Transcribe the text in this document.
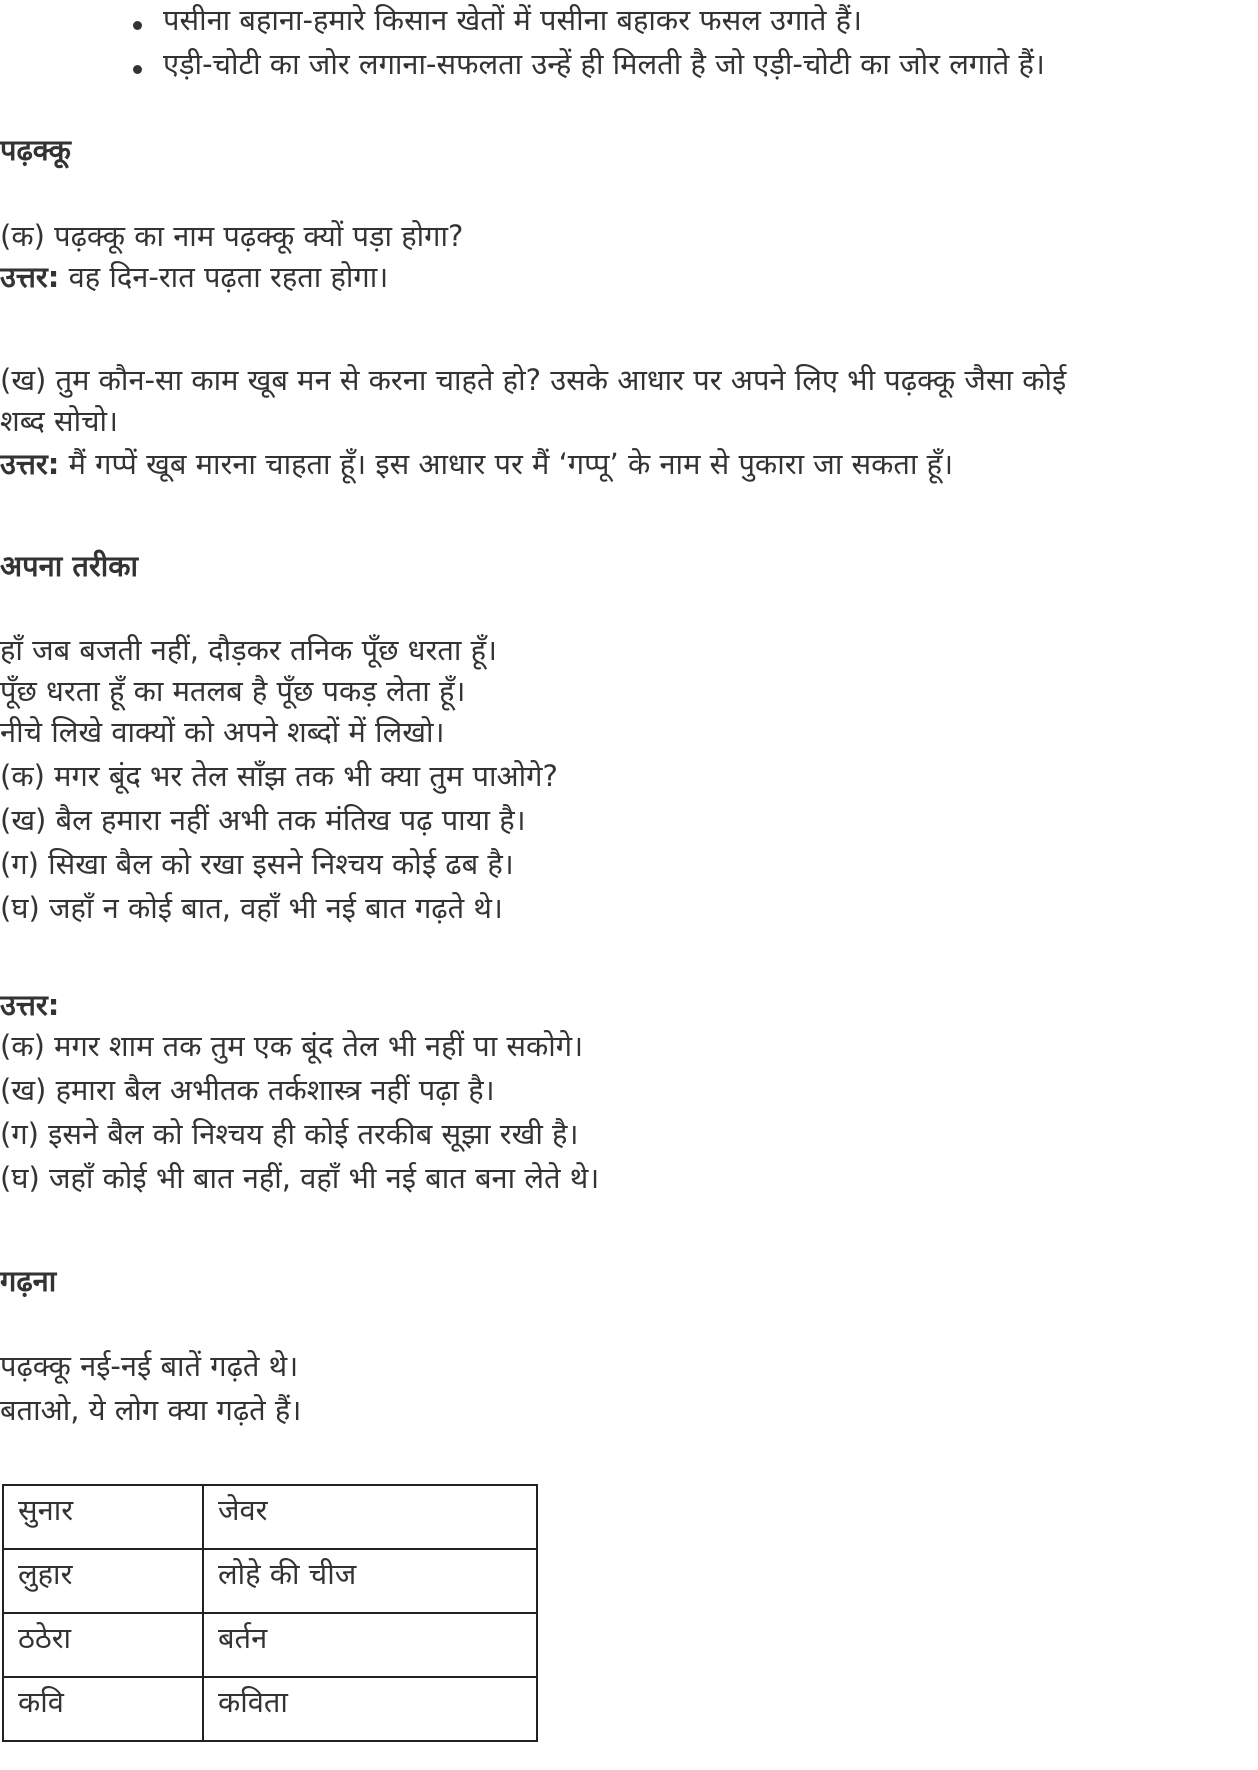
पसीना बहाना-हमारे किसान खेतों में पसीना बहाकर फसल उगाते हैं।
एड़ी-चोटी का जोर लगाना-सफलता उन्हें ही मिलती है जो एड़ी-चोटी का जोर लगाते हैं।
पढ़क्कू
(क) पढ़क्कू का नाम पढ़क्कू क्यों पड़ा होगा?
उत्तर: वह दिन-रात पढ़ता रहता होगा।
(ख) तुम कौन-सा काम खूब मन से करना चाहते हो? उसके आधार पर अपने लिए भी पढ़क्कू जैसा कोई
शब्द सोचो।
उत्तर: मैं गप्पें खूब मारना चाहता हूँ। इस आधार पर मैं ‘गप्पू’ के नाम से पुकारा जा सकता हूँ।
अपना तरीका
हाँ जब बजती नहीं, दौड़कर तनिक पूँछ धरता हूँ।
पूँछ धरता हूँ का मतलब है पूँछ पकड़ लेता हूँ।
नीचे लिखे वाक्यों को अपने शब्दों में लिखो।
(क) मगर बूंद भर तेल साँझ तक भी क्या तुम पाओगे?
(ख) बैल हमारा नहीं अभी तक मंतिख पढ़ पाया है।
(ग) सिखा बैल को रखा इसने निश्चय कोई ढब है।
(घ) जहाँ न कोई बात, वहाँ भी नई बात गढ़ते थे।
उत्तर:
(क) मगर शाम तक तुम एक बूंद तेल भी नहीं पा सकोगे।
(ख) हमारा बैल अभीतक तर्कशास्त्र नहीं पढ़ा है।
(ग) इसने बैल को निश्चय ही कोई तरकीब सूझा रखी है।
(घ) जहाँ कोई भी बात नहीं, वहाँ भी नई बात बना लेते थे।
गढ़ना
पढ़क्कू नई-नई बातें गढ़ते थे।
बताओ, ये लोग क्या गढ़ते हैं।
सुनार	जेवर
लुहार	लोहे की चीज
ठठेरा	बर्तन
कवि	कविता
